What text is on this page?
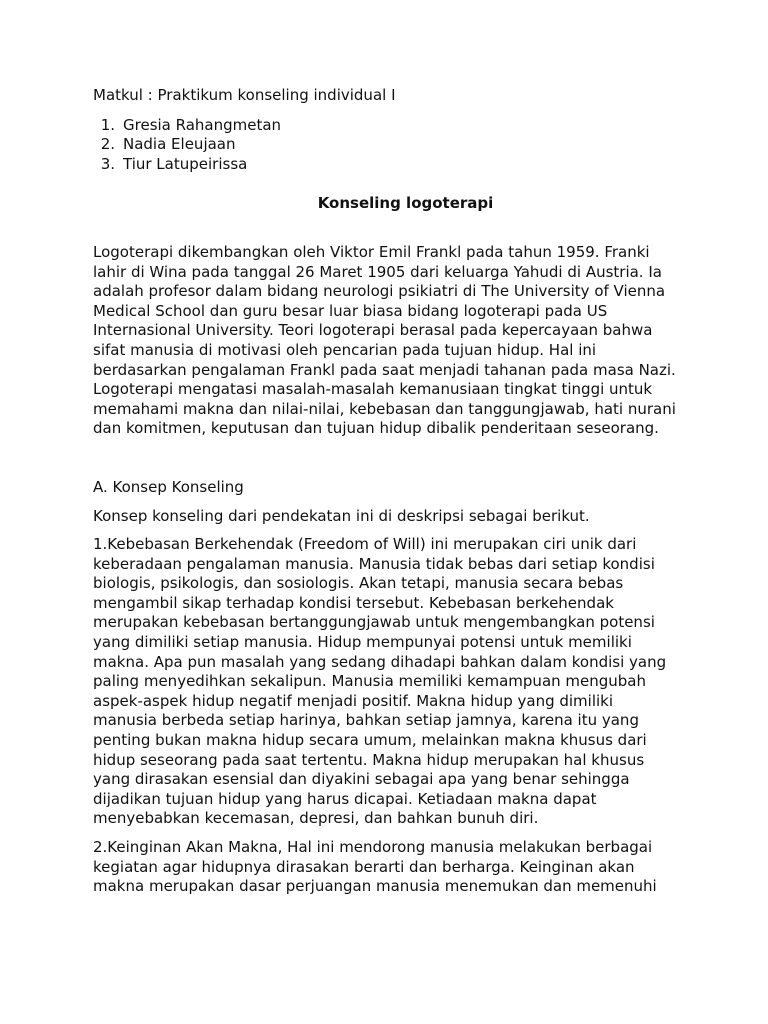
Matkul : Praktikum konseling individual I

1. Gresia Rahangmetan
2. Nadia Eleujaan
3. Tiur Latupeirissa

Konseling logoterapi

Logoterapi dikembangkan oleh Viktor Emil Frankl pada tahun 1959. Franki lahir di Wina pada tanggal 26 Maret 1905 dari keluarga Yahudi di Austria. Ia adalah profesor dalam bidang neurologi psikiatri di The University of Vienna Medical School dan guru besar luar biasa bidang logoterapi pada US Internasional University. Teori logoterapi berasal pada kepercayaan bahwa sifat manusia di motivasi oleh pencarian pada tujuan hidup. Hal ini berdasarkan pengalaman Frankl pada saat menjadi tahanan pada masa Nazi. Logoterapi mengatasi masalah-masalah kemanusiaan tingkat tinggi untuk memahami makna dan nilai-nilai, kebebasan dan tanggungjawab, hati nurani dan komitmen, keputusan dan tujuan hidup dibalik penderitaan seseorang.

A. Konsep Konseling

Konsep konseling dari pendekatan ini di deskripsi sebagai berikut.

1.Kebebasan Berkehendak (Freedom of Will) ini merupakan ciri unik dari keberadaan pengalaman manusia. Manusia tidak bebas dari setiap kondisi biologis, psikologis, dan sosiologis. Akan tetapi, manusia secara bebas mengambil sikap terhadap kondisi tersebut. Kebebasan berkehendak merupakan kebebasan bertanggungjawab untuk mengembangkan potensi yang dimiliki setiap manusia. Hidup mempunyai potensi untuk memiliki makna. Apa pun masalah yang sedang dihadapi bahkan dalam kondisi yang paling menyedihkan sekalipun. Manusia memiliki kemampuan mengubah aspek-aspek hidup negatif menjadi positif. Makna hidup yang dimiliki manusia berbeda setiap harinya, bahkan setiap jamnya, karena itu yang penting bukan makna hidup secara umum, melainkan makna khusus dari hidup seseorang pada saat tertentu. Makna hidup merupakan hal khusus yang dirasakan esensial dan diyakini sebagai apa yang benar sehingga dijadikan tujuan hidup yang harus dicapai. Ketiadaan makna dapat menyebabkan kecemasan, depresi, dan bahkan bunuh diri.

2.Keinginan Akan Makna, Hal ini mendorong manusia melakukan berbagai kegiatan agar hidupnya dirasakan berarti dan berharga. Keinginan akan makna merupakan dasar perjuangan manusia menemukan dan memenuhi
